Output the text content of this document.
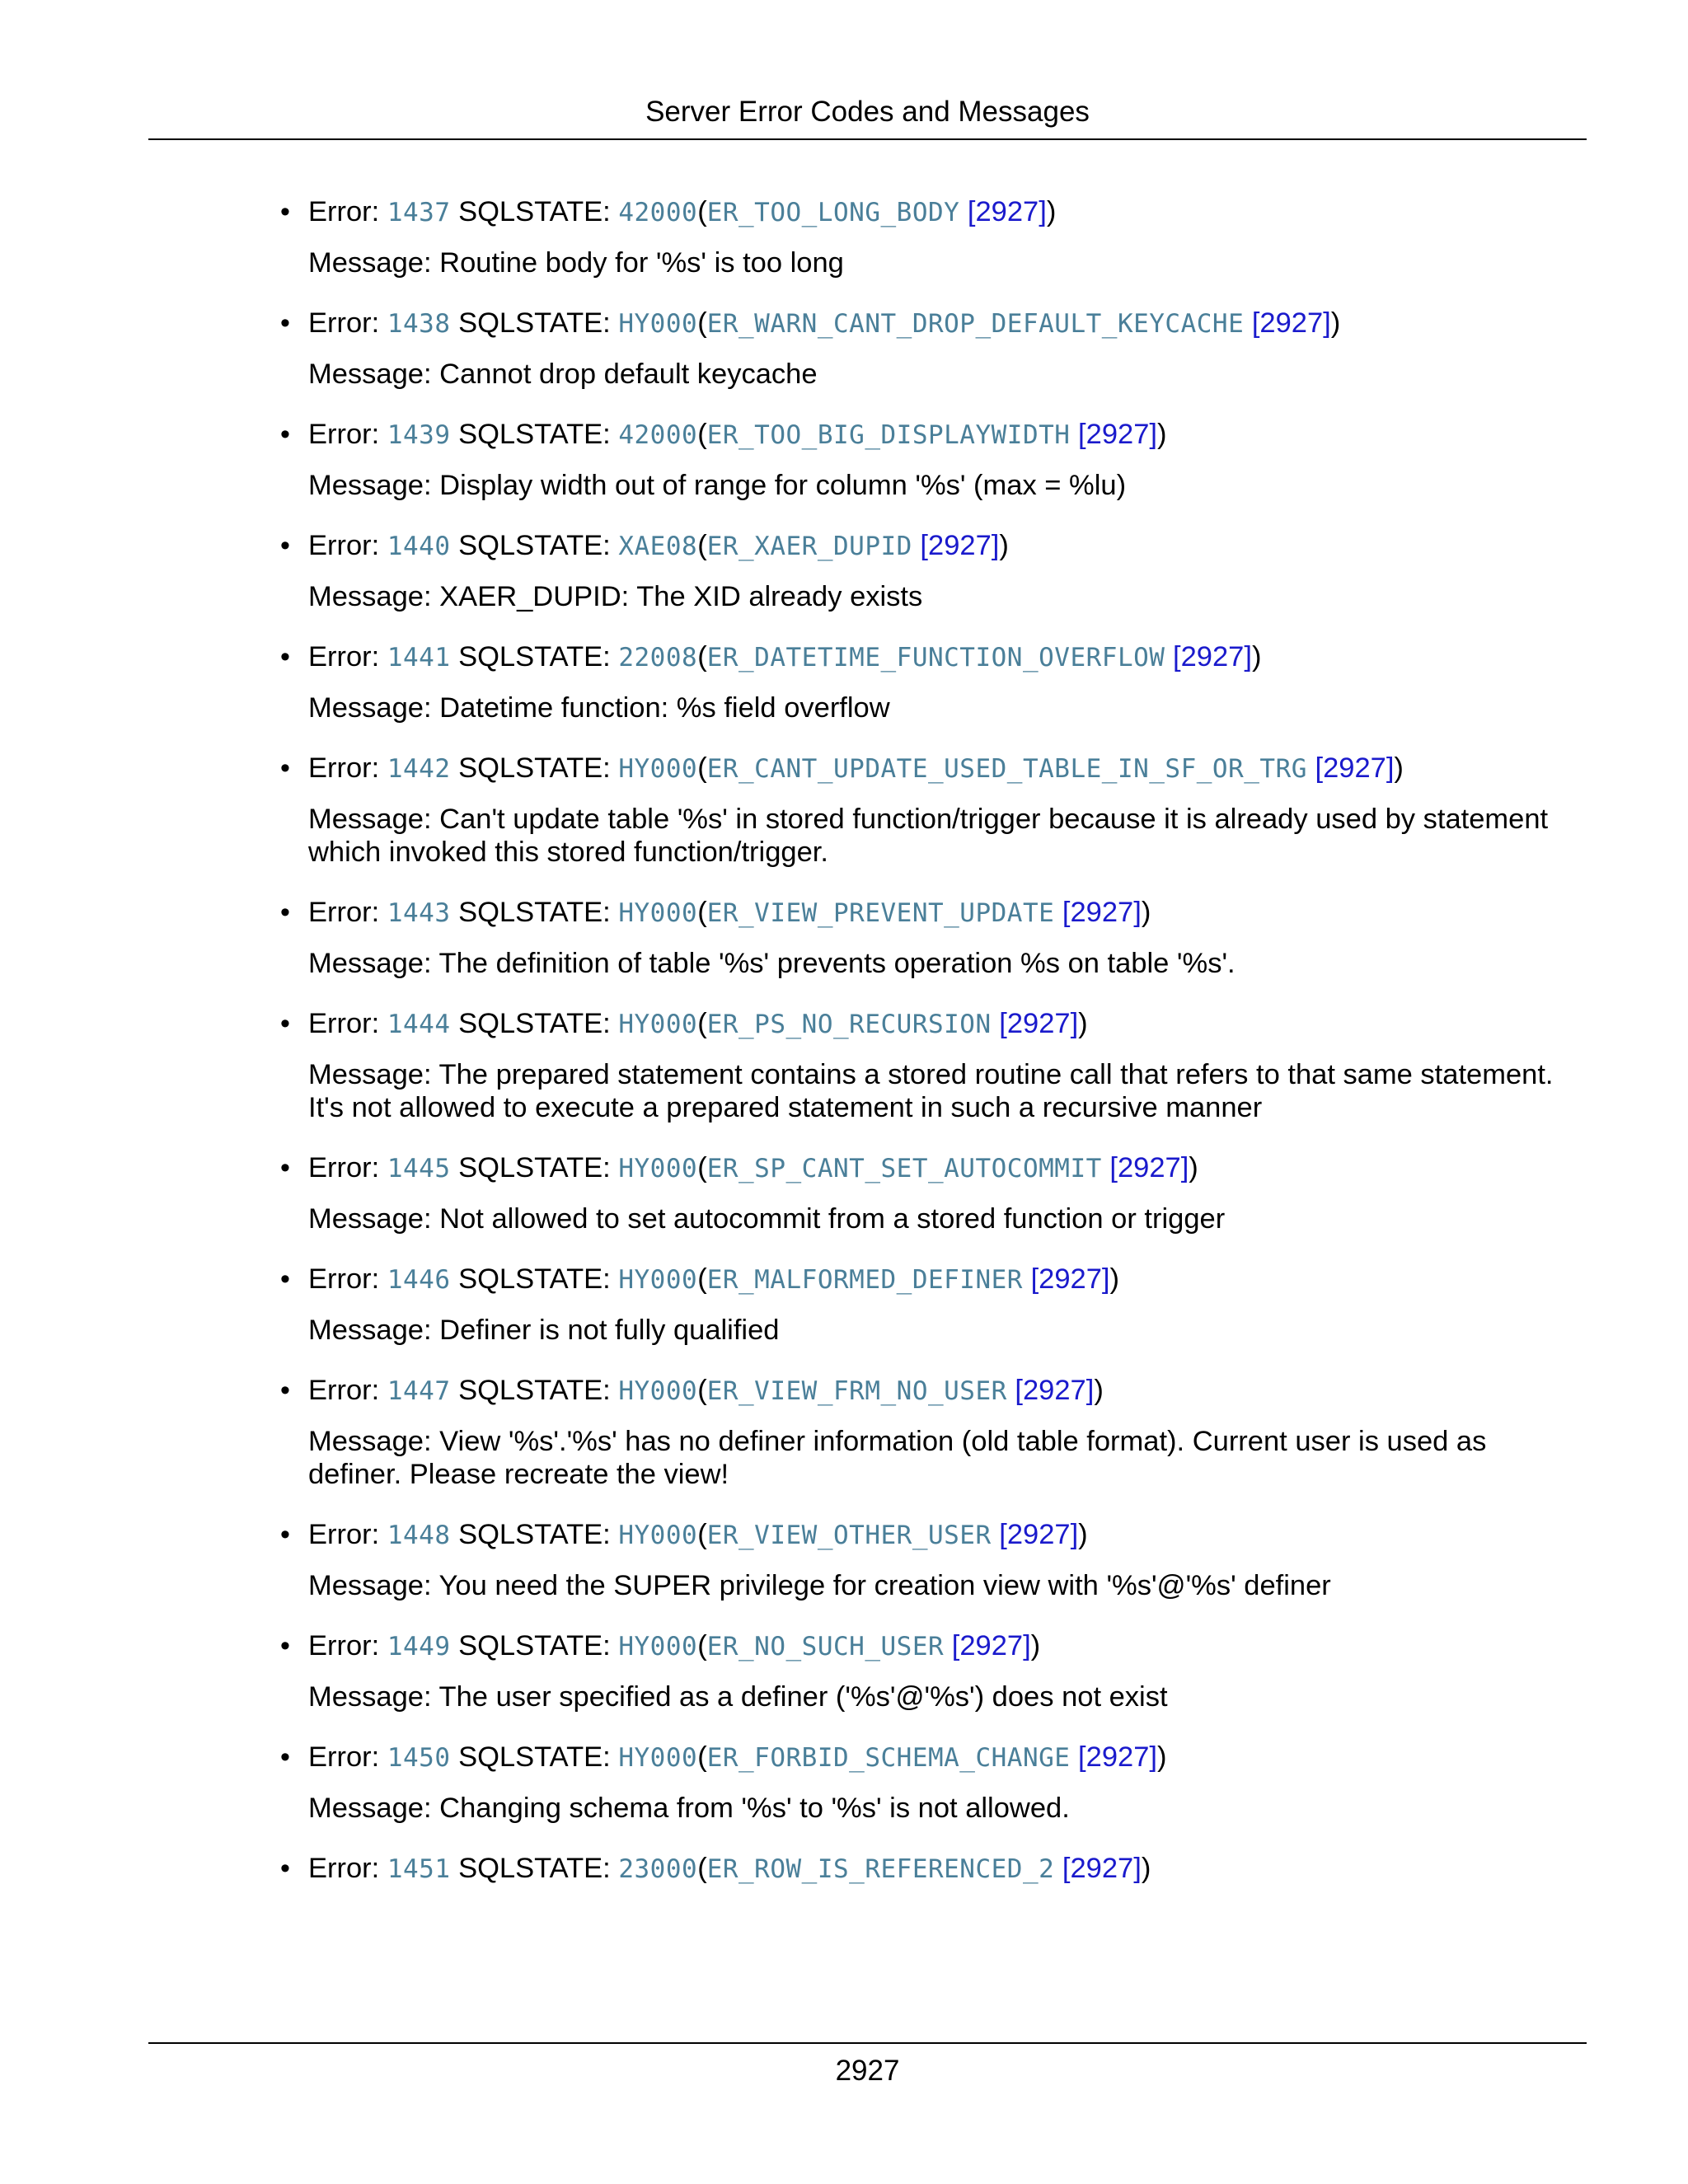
Server Error Codes and Messages
• Error: 1437 SQLSTATE: 42000(ER_TOO_LONG_BODY [2927])
Message: Routine body for '%s' is too long
• Error: 1438 SQLSTATE: HY000(ER_WARN_CANT_DROP_DEFAULT_KEYCACHE [2927])
Message: Cannot drop default keycache
• Error: 1439 SQLSTATE: 42000(ER_TOO_BIG_DISPLAYWIDTH [2927])
Message: Display width out of range for column '%s' (max = %lu)
• Error: 1440 SQLSTATE: XAE08(ER_XAER_DUPID [2927])
Message: XAER_DUPID: The XID already exists
• Error: 1441 SQLSTATE: 22008(ER_DATETIME_FUNCTION_OVERFLOW [2927])
Message: Datetime function: %s field overflow
• Error: 1442 SQLSTATE: HY000(ER_CANT_UPDATE_USED_TABLE_IN_SF_OR_TRG [2927])
Message: Can't update table '%s' in stored function/trigger because it is already used by statement which invoked this stored function/trigger.
• Error: 1443 SQLSTATE: HY000(ER_VIEW_PREVENT_UPDATE [2927])
Message: The definition of table '%s' prevents operation %s on table '%s'.
• Error: 1444 SQLSTATE: HY000(ER_PS_NO_RECURSION [2927])
Message: The prepared statement contains a stored routine call that refers to that same statement. It's not allowed to execute a prepared statement in such a recursive manner
• Error: 1445 SQLSTATE: HY000(ER_SP_CANT_SET_AUTOCOMMIT [2927])
Message: Not allowed to set autocommit from a stored function or trigger
• Error: 1446 SQLSTATE: HY000(ER_MALFORMED_DEFINER [2927])
Message: Definer is not fully qualified
• Error: 1447 SQLSTATE: HY000(ER_VIEW_FRM_NO_USER [2927])
Message: View '%s'.'%s' has no definer information (old table format). Current user is used as definer. Please recreate the view!
• Error: 1448 SQLSTATE: HY000(ER_VIEW_OTHER_USER [2927])
Message: You need the SUPER privilege for creation view with '%s'@'%s' definer
• Error: 1449 SQLSTATE: HY000(ER_NO_SUCH_USER [2927])
Message: The user specified as a definer ('%s'@'%s') does not exist
• Error: 1450 SQLSTATE: HY000(ER_FORBID_SCHEMA_CHANGE [2927])
Message: Changing schema from '%s' to '%s' is not allowed.
• Error: 1451 SQLSTATE: 23000(ER_ROW_IS_REFERENCED_2 [2927])
2927
